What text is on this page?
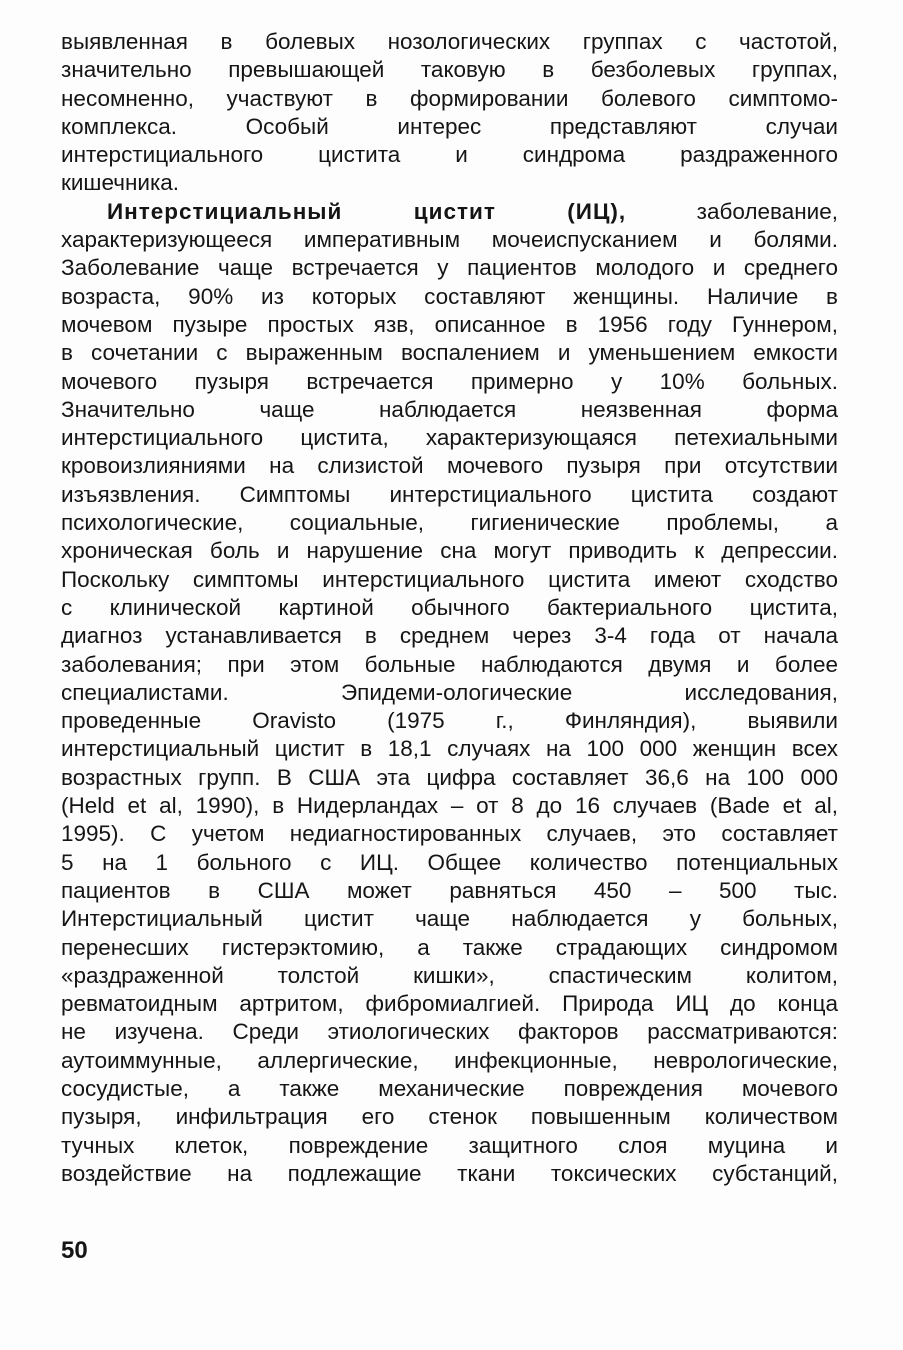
выявленная в болевых нозологических группах с частотой,
значительно превышающей таковую в безболевых группах,
несомненно, участвуют в формировании болевого симптомо-
комплекса. Особый интерес представляют случаи
интерстициального цистита и синдрома раздраженного
кишечника.
Интерстициальный цистит (ИЦ),	заболевание,
характеризующееся императивным мочеиспусканием и болями.
Заболевание чаще встречается у пациентов молодого и среднего
возраста, 90% из которых составляют женщины. Наличие в
мочевом пузыре простых язв, описанное в 1956 году Гуннером,
в сочетании с выраженным воспалением и уменьшением емкости
мочевого пузыря встречается примерно у 10% больных.
Значительно чаще наблюдается неязвенная форма
интерстициального цистита, характеризующаяся петехиальными
кровоизлияниями на слизистой мочевого пузыря при отсутствии
изъязвления. Симптомы интерстициального цистита создают
психологические, социальные, гигиенические проблемы, а
хроническая боль и нарушение сна могут приводить к депрессии.
Поскольку симптомы интерстициального цистита имеют сходство
с клинической картиной обычного бактериального цистита,
диагноз устанавливается в среднем через 3-4 года от начала
заболевания; при этом больные наблюдаются двумя и более
специалистами. Эпидеми-ологические исследования,
проведенные Oravisto (1975 г., Финляндия), выявили
интерстициальный цистит в 18,1 случаях на 100 000 женщин всех
возрастных групп. В США эта цифра составляет 36,6 на 100 000
(Held et al, 1990), в Нидерландах – от 8 до 16 случаев (Bade et al,
1995). С учетом недиагностированных случаев, это составляет
5 на 1 больного с ИЦ. Общее количество потенциальных
пациентов в США может равняться 450 – 500 тыс.
Интерстициальный цистит чаще наблюдается у больных,
перенесших гистерэктомию, а также страдающих синдромом
«раздраженной толстой кишки», спастическим колитом,
ревматоидным артритом, фибромиалгией. Природа ИЦ до конца
не изучена. Среди этиологических факторов рассматриваются:
аутоиммунные, аллергические, инфекционные, неврологические,
сосудистые, а также механические повреждения мочевого
пузыря, инфильтрация его стенок повышенным количеством
тучных клеток, повреждение защитного слоя муцина и
воздействие на подлежащие ткани токсических субстанций,
50
